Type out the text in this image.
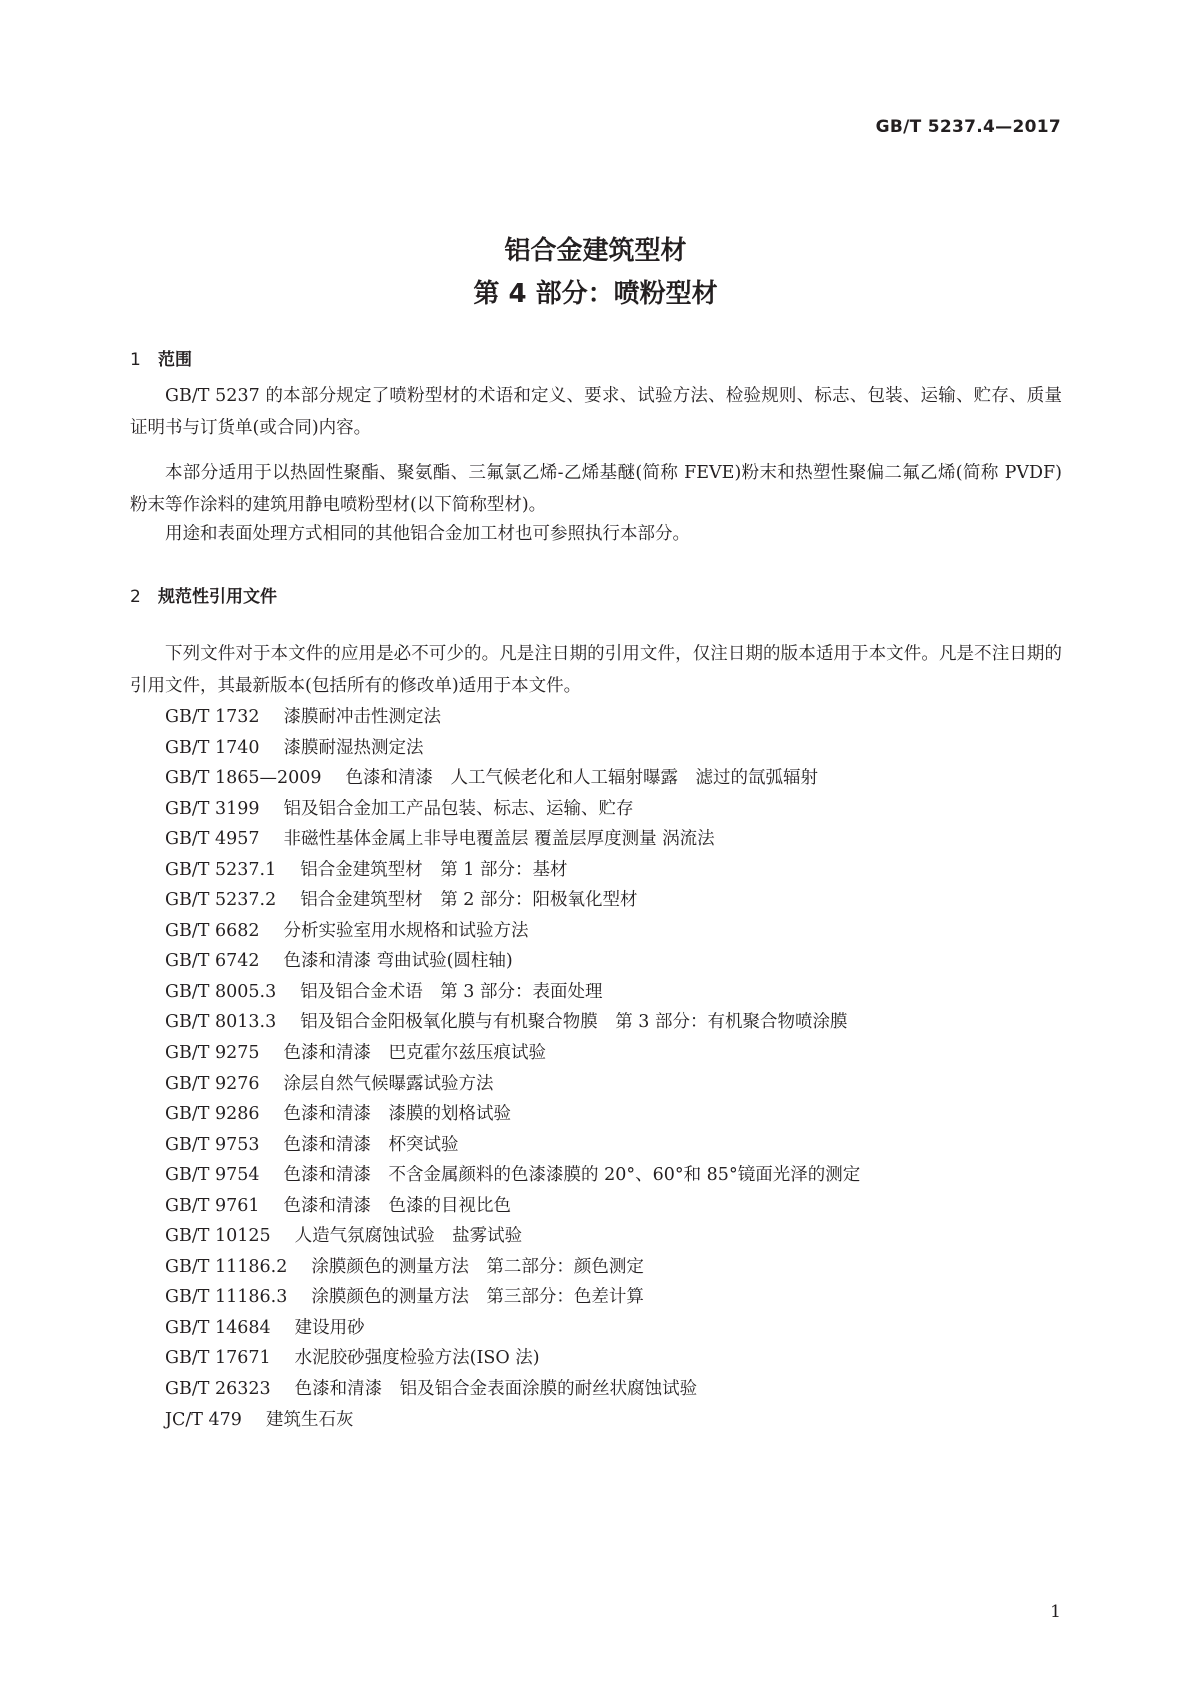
GB/T 5237.4—2017
铝合金建筑型材
第 4 部分：喷粉型材
1 范围

GB/T 5237 的本部分规定了喷粉型材的术语和定义、要求、试验方法、检验规则、标志、包装、运输、贮存、质量证明书与订货单(或合同)内容。

本部分适用于以热固性聚酯、聚氨酯、三氟氯乙烯-乙烯基醚(简称 FEVE)粉末和热塑性聚偏二氟乙烯(简称 PVDF)粉末等作涂料的建筑用静电喷粉型材(以下简称型材)。

用途和表面处理方式相同的其他铝合金加工材也可参照执行本部分。

2 规范性引用文件

下列文件对于本文件的应用是必不可少的。凡是注日期的引用文件，仅注日期的版本适用于本文件。凡是不注日期的引用文件，其最新版本(包括所有的修改单)适用于本文件。

GB/T 1732 漆膜耐冲击性测定法
GB/T 1740 漆膜耐湿热测定法
GB/T 1865—2009 色漆和清漆　人工气候老化和人工辐射曝露　滤过的氙弧辐射
GB/T 3199 铝及铝合金加工产品包装、标志、运输、贮存
GB/T 4957 非磁性基体金属上非导电覆盖层 覆盖层厚度测量 涡流法
GB/T 5237.1 铝合金建筑型材　第 1 部分：基材
GB/T 5237.2 铝合金建筑型材　第 2 部分：阳极氧化型材
GB/T 6682 分析实验室用水规格和试验方法
GB/T 6742 色漆和清漆 弯曲试验(圆柱轴)
GB/T 8005.3 铝及铝合金术语　第 3 部分：表面处理
GB/T 8013.3 铝及铝合金阳极氧化膜与有机聚合物膜　第 3 部分：有机聚合物喷涂膜
GB/T 9275 色漆和清漆　巴克霍尔兹压痕试验
GB/T 9276 涂层自然气候曝露试验方法
GB/T 9286 色漆和清漆　漆膜的划格试验
GB/T 9753 色漆和清漆　杯突试验
GB/T 9754 色漆和清漆　不含金属颜料的色漆漆膜的 20°、60°和 85°镜面光泽的测定
GB/T 9761 色漆和清漆　色漆的目视比色
GB/T 10125 人造气氛腐蚀试验　盐雾试验
GB/T 11186.2 涂膜颜色的测量方法　第二部分：颜色测定
GB/T 11186.3 涂膜颜色的测量方法　第三部分：色差计算
GB/T 14684 建设用砂
GB/T 17671 水泥胶砂强度检验方法(ISO 法)
GB/T 26323 色漆和清漆　铝及铝合金表面涂膜的耐丝状腐蚀试验
JC/T 479 建筑生石灰
1
